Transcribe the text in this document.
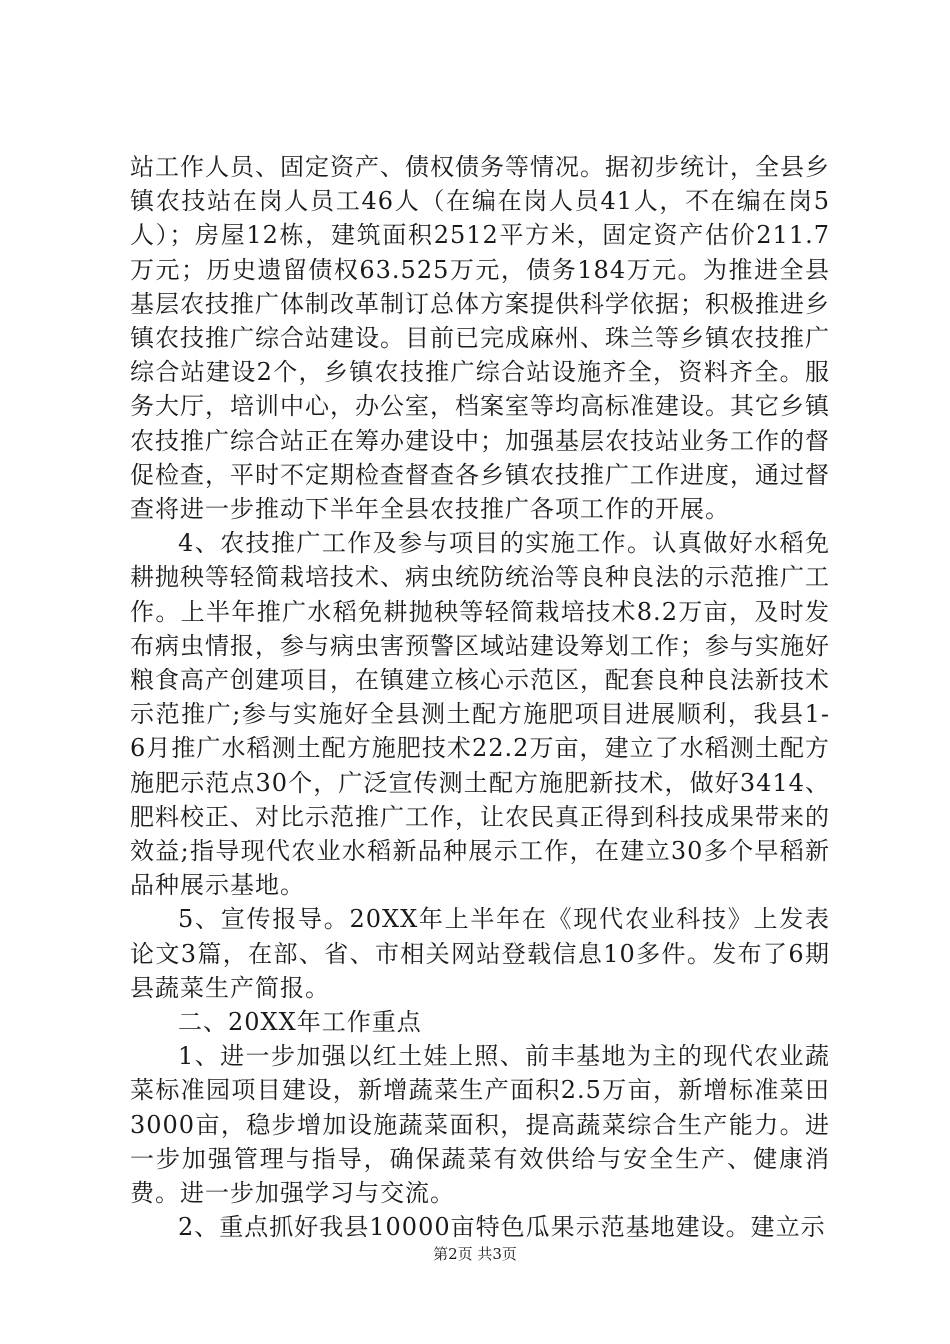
站工作人员、固定资产、债权债务等情况。据初步统计，全县乡镇农技站在岗人员工46人（在编在岗人员41人，不在编在岗5人）；房屋12栋，建筑面积2512平方米，固定资产估价211.7万元；历史遗留债权63.525万元，债务184万元。为推进全县基层农技推广体制改革制订总体方案提供科学依据；积极推进乡镇农技推广综合站建设。目前已完成麻州、珠兰等乡镇农技推广综合站建设2个，乡镇农技推广综合站设施齐全，资料齐全。服务大厅，培训中心，办公室，档案室等均高标准建设。其它乡镇农技推广综合站正在筹办建设中；加强基层农技站业务工作的督促检查，平时不定期检查督查各乡镇农技推广工作进度，通过督查将进一步推动下半年全县农技推广各项工作的开展。

4、农技推广工作及参与项目的实施工作。认真做好水稻免耕抛秧等轻简栽培技术、病虫统防统治等良种良法的示范推广工作。上半年推广水稻免耕抛秧等轻简栽培技术8.2万亩，及时发布病虫情报，参与病虫害预警区域站建设筹划工作；参与实施好粮食高产创建项目，在镇建立核心示范区，配套良种良法新技术示范推广;参与实施好全县测土配方施肥项目进展顺利，我县1-6月推广水稻测土配方施肥技术22.2万亩，建立了水稻测土配方施肥示范点30个，广泛宣传测土配方施肥新技术，做好3414、肥料校正、对比示范推广工作，让农民真正得到科技成果带来的效益;指导现代农业水稻新品种展示工作，在建立30多个早稻新品种展示基地。

5、宣传报导。20XX年上半年在《现代农业科技》上发表论文3篇，在部、省、市相关网站登载信息10多件。发布了6期县蔬菜生产简报。

二、20XX年工作重点

1、进一步加强以红土娃上照、前丰基地为主的现代农业蔬菜标准园项目建设，新增蔬菜生产面积2.5万亩，新增标准菜田3000亩，稳步增加设施蔬菜面积，提高蔬菜综合生产能力。进一步加强管理与指导，确保蔬菜有效供给与安全生产、健康消费。进一步加强学习与交流。

2、重点抓好我县10000亩特色瓜果示范基地建设。建立示

第2页 共3页
